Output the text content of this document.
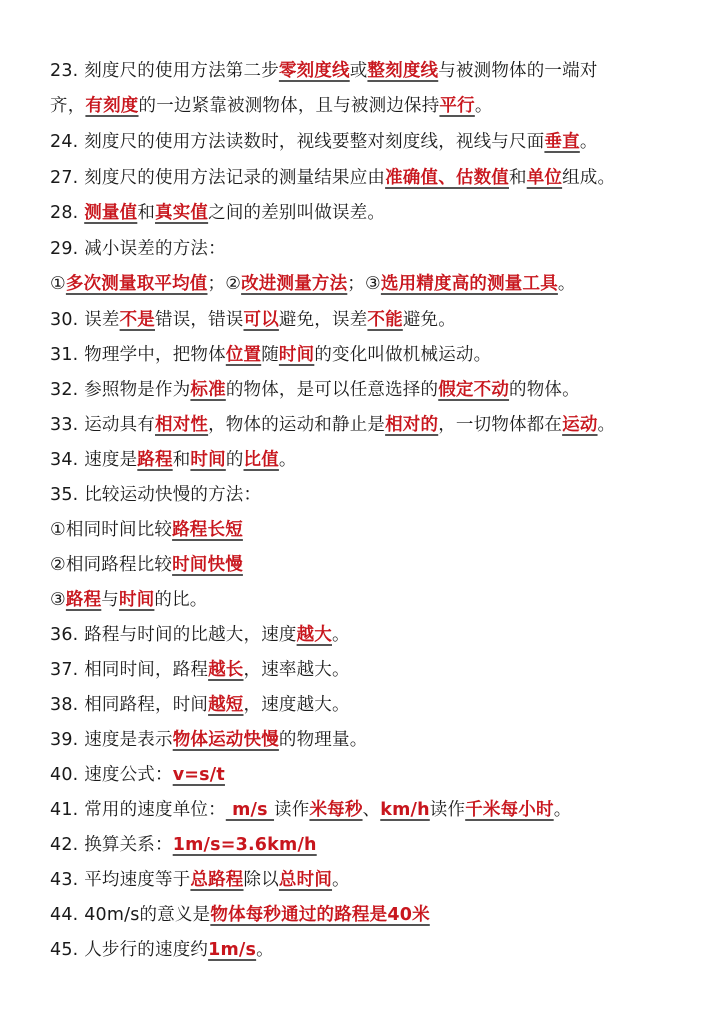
23. 刻度尺的使用方法第二步零刻度线或整刻度线与被测物体的一端对
齐，有刻度的一边紧靠被测物体，且与被测边保持平行。
24. 刻度尺的使用方法读数时，视线要整对刻度线，视线与尺面垂直。
27. 刻度尺的使用方法记录的测量结果应由准确值、估数值和单位组成。
28. 测量值和真实值之间的差别叫做误差。
29. 减小误差的方法：
①多次测量取平均值；②改进测量方法；③选用精度高的测量工具。
30. 误差不是错误，错误可以避免，误差不能避免。
31. 物理学中，把物体位置随时间的变化叫做机械运动。
32. 参照物是作为标准的物体，是可以任意选择的假定不动的物体。
33. 运动具有相对性，物体的运动和静止是相对的，一切物体都在运动。
34. 速度是路程和时间的比值。
35. 比较运动快慢的方法：
①相同时间比较路程长短
②相同路程比较时间快慢
③路程与时间的比。
36. 路程与时间的比越大，速度越大。
37. 相同时间，路程越长，速率越大。
38. 相同路程，时间越短，速度越大。
39. 速度是表示物体运动快慢的物理量。
40. 速度公式：v=s/t
41. 常用的速度单位： m/s 读作米每秒、km/h读作千米每小时。
42. 换算关系：1m/s=3.6km/h
43. 平均速度等于总路程除以总时间。
44. 40m/s的意义是物体每秒通过的路程是40米
45. 人步行的速度约1m/s。
